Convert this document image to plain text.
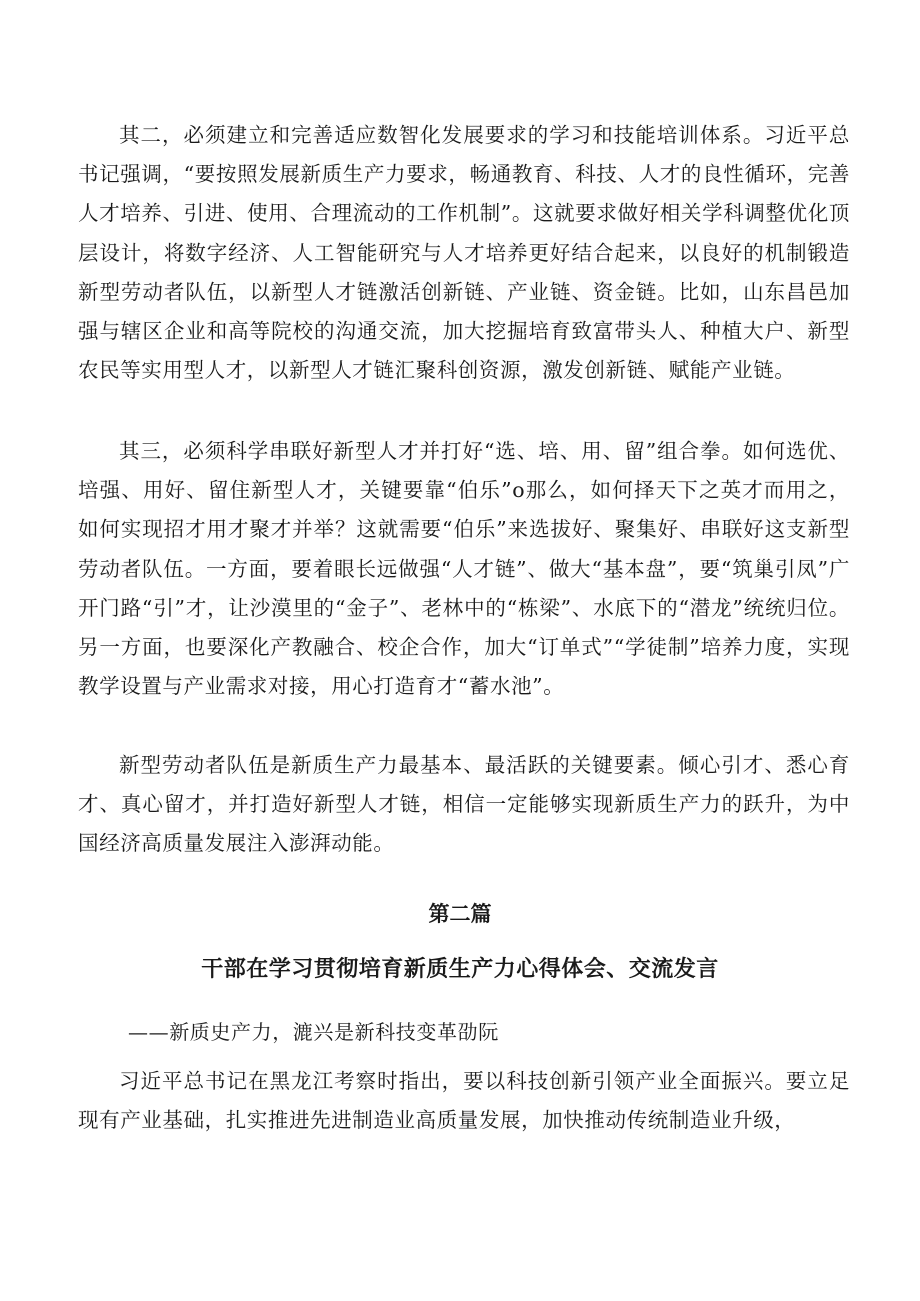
其二，必须建立和完善适应数智化发展要求的学习和技能培训体系。习近平总书记强调，“要按照发展新质生产力要求，畅通教育、科技、人才的良性循环，完善人才培养、引进、使用、合理流动的工作机制”。这就要求做好相关学科调整优化顶层设计，将数字经济、人工智能研究与人才培养更好结合起来，以良好的机制锻造新型劳动者队伍，以新型人才链激活创新链、产业链、资金链。比如，山东昌邑加强与辖区企业和高等院校的沟通交流，加大挖掘培育致富带头人、种植大户、新型农民等实用型人才，以新型人才链汇聚科创资源，激发创新链、赋能产业链。

其三，必须科学串联好新型人才并打好“选、培、用、留”组合拳。如何选优、培强、用好、留住新型人才，关键要靠“伯乐”o那么，如何择天下之英才而用之，如何实现招才用才聚才并举？这就需要“伯乐”来选拔好、聚集好、串联好这支新型劳动者队伍。一方面，要着眼长远做强“人才链”、做大“基本盘”，要“筑巢引凤”广开门路“引”才，让沙漠里的“金子”、老林中的“栋梁”、水底下的“潜龙”统统归位。另一方面，也要深化产教融合、校企合作，加大“订单式”“学徒制”培养力度，实现教学设置与产业需求对接，用心打造育才“蓄水池”。

新型劳动者队伍是新质生产力最基本、最活跃的关键要素。倾心引才、悉心育才、真心留才，并打造好新型人才链，相信一定能够实现新质生产力的跃升，为中国经济高质量发展注入澎湃动能。

第二篇
干部在学习贯彻培育新质生产力心得体会、交流发言

——新质史产力，漉兴是新科技变革劭阮

习近平总书记在黑龙江考察时指出，要以科技创新引领产业全面振兴。要立足现有产业基础，扎实推进先进制造业高质量发展，加快推动传统制造业升级，
